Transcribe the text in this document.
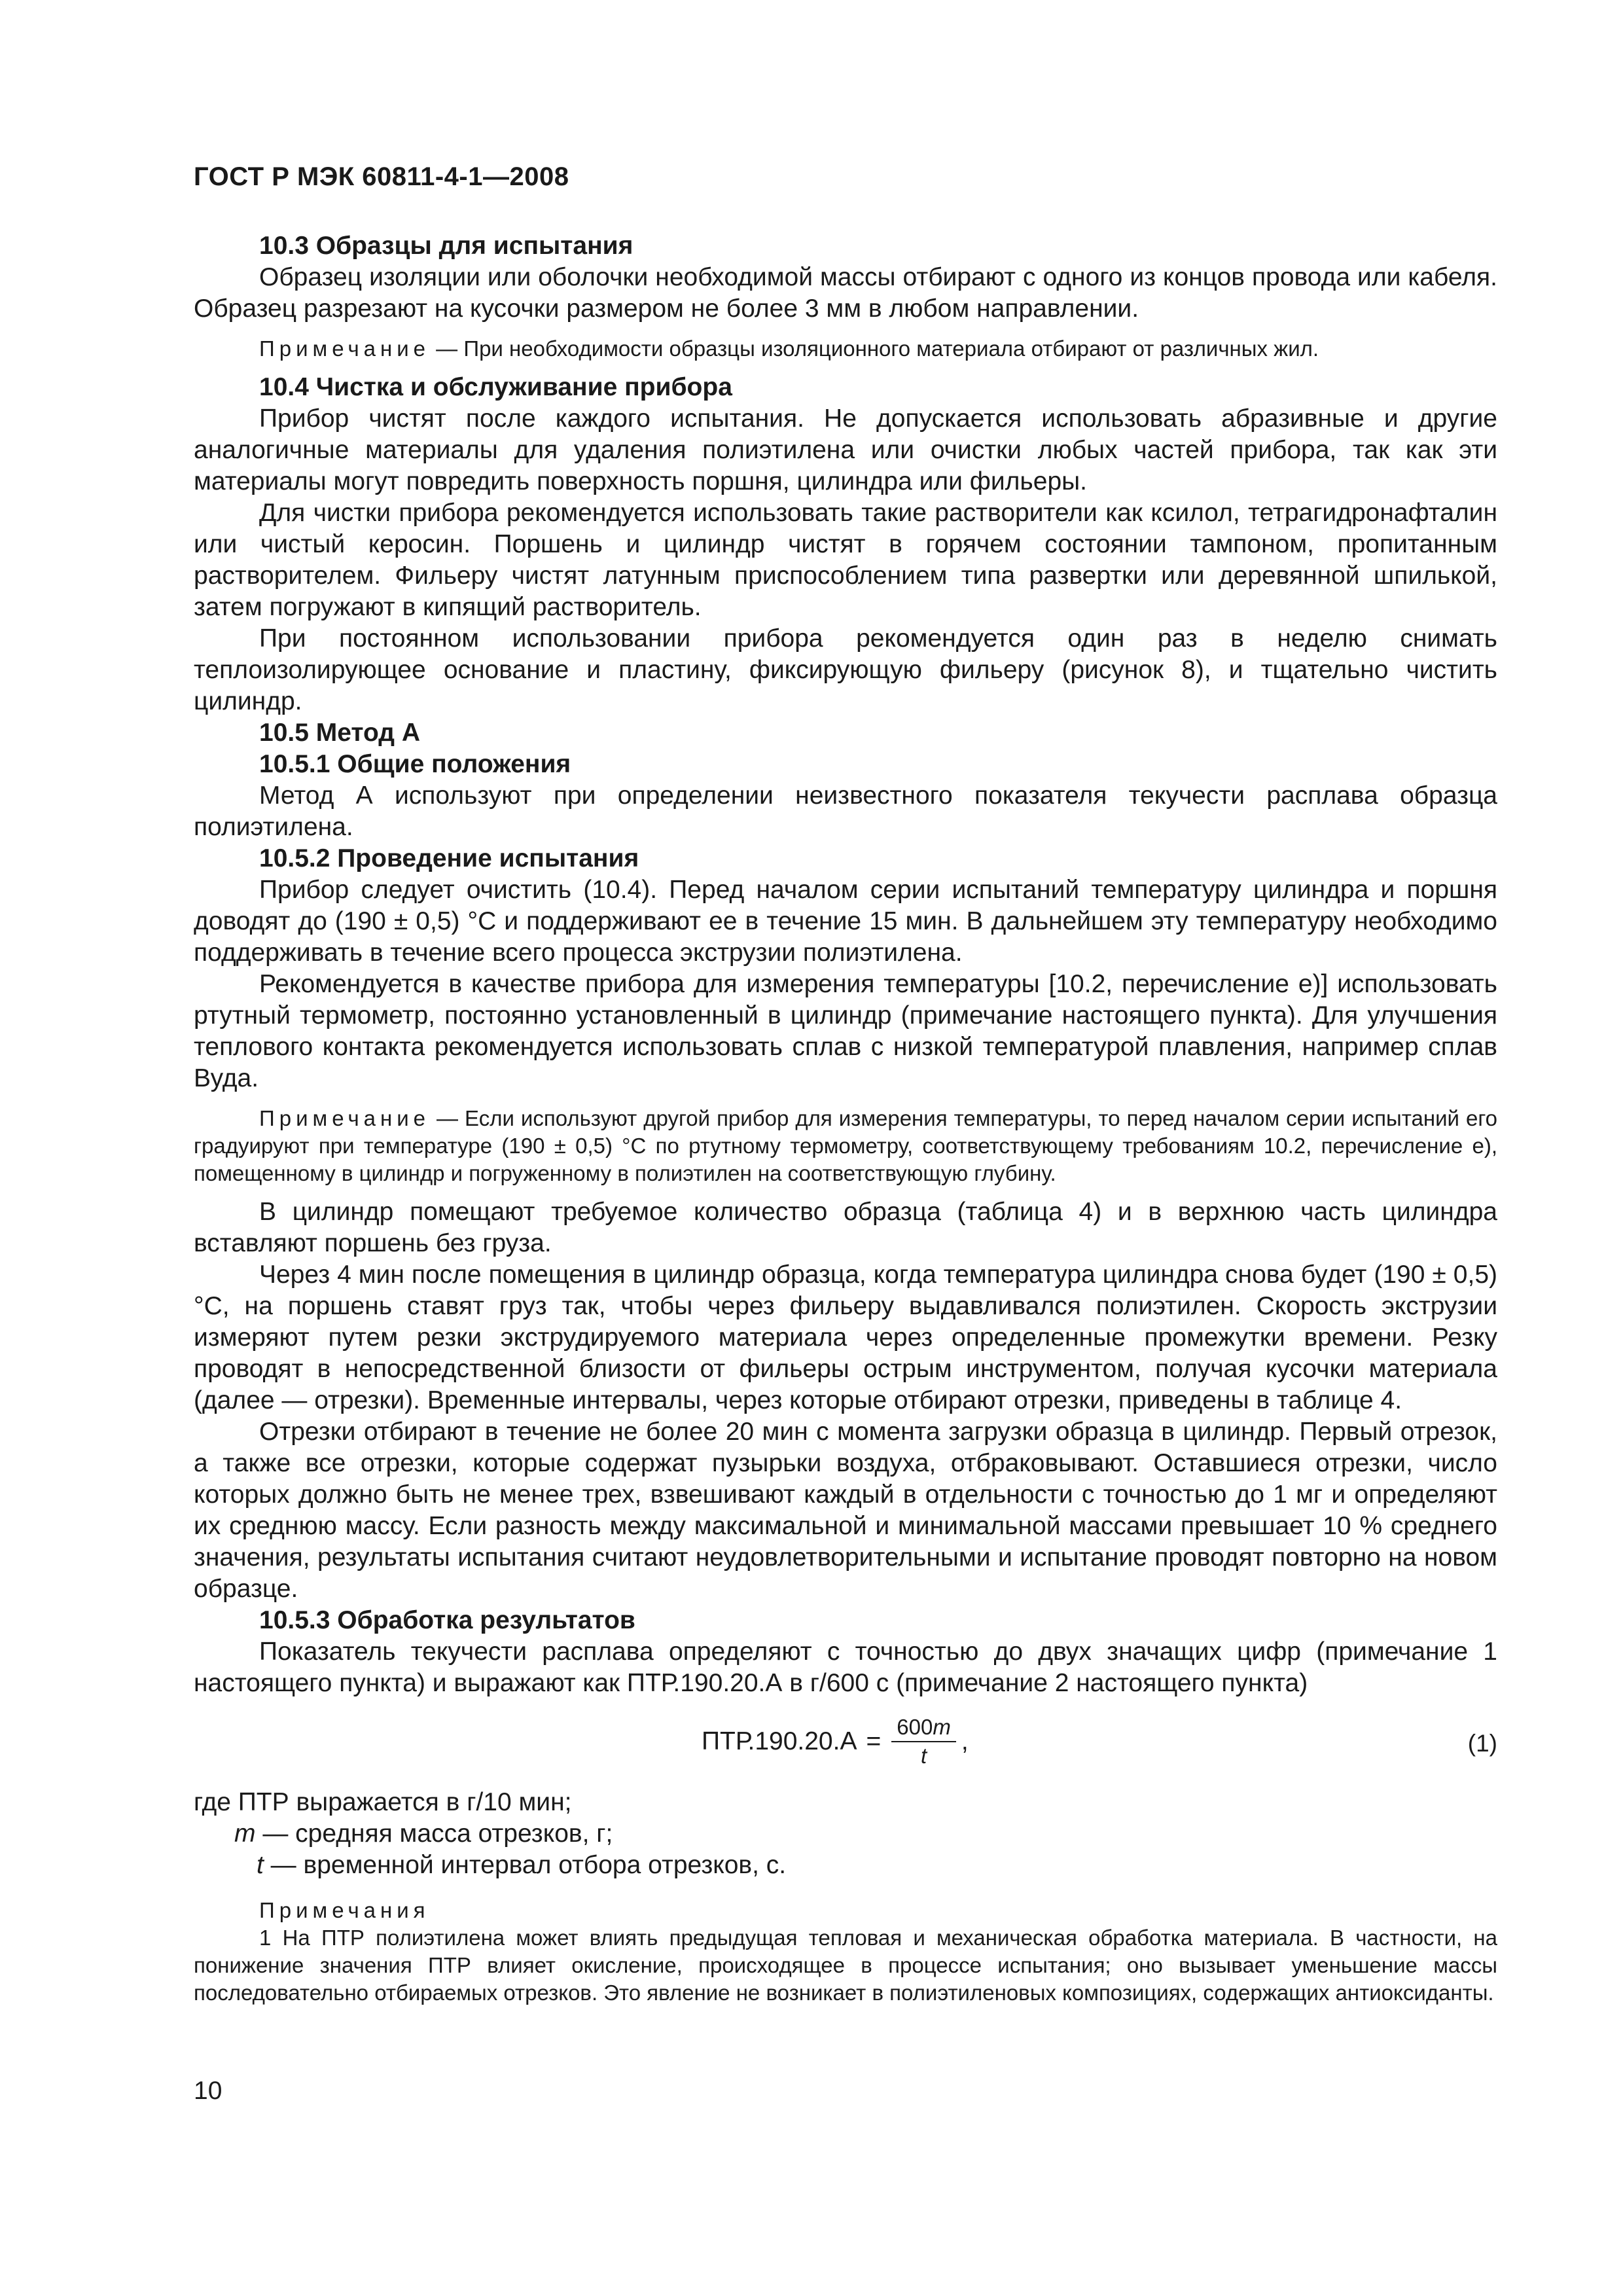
ГОСТ Р МЭК 60811-4-1—2008

10.3 Образцы для испытания

Образец изоляции или оболочки необходимой массы отбирают с одного из концов провода или кабеля. Образец разрезают на кусочки размером не более 3 мм в любом направлении.

Примечание — При необходимости образцы изоляционного материала отбирают от различных жил.

10.4 Чистка и обслуживание прибора

Прибор чистят после каждого испытания. Не допускается использовать абразивные и другие аналогичные материалы для удаления полиэтилена или очистки любых частей прибора, так как эти материалы могут повредить поверхность поршня, цилиндра или фильеры.

Для чистки прибора рекомендуется использовать такие растворители как ксилол, тетрагидронафталин или чистый керосин. Поршень и цилиндр чистят в горячем состоянии тампоном, пропитанным растворителем. Фильеру чистят латунным приспособлением типа развертки или деревянной шпилькой, затем погружают в кипящий растворитель.

При постоянном использовании прибора рекомендуется один раз в неделю снимать теплоизолирующее основание и пластину, фиксирующую фильеру (рисунок 8), и тщательно чистить цилиндр.

10.5 Метод А

10.5.1 Общие положения

Метод А используют при определении неизвестного показателя текучести расплава образца полиэтилена.

10.5.2 Проведение испытания

Прибор следует очистить (10.4). Перед началом серии испытаний температуру цилиндра и поршня доводят до (190 ± 0,5) °С и поддерживают ее в течение 15 мин. В дальнейшем эту температуру необходимо поддерживать в течение всего процесса экструзии полиэтилена.

Рекомендуется в качестве прибора для измерения температуры [10.2, перечисление е)] использовать ртутный термометр, постоянно установленный в цилиндр (примечание настоящего пункта). Для улучшения теплового контакта рекомендуется использовать сплав с низкой температурой плавления, например сплав Вуда.

Примечание — Если используют другой прибор для измерения температуры, то перед началом серии испытаний его градуируют при температуре (190 ± 0,5) °С по ртутному термометру, соответствующему требованиям 10.2, перечисление е), помещенному в цилиндр и погруженному в полиэтилен на соответствующую глубину.

В цилиндр помещают требуемое количество образца (таблица 4) и в верхнюю часть цилиндра вставляют поршень без груза.

Через 4 мин после помещения в цилиндр образца, когда температура цилиндра снова будет (190 ± 0,5) °С, на поршень ставят груз так, чтобы через фильеру выдавливался полиэтилен. Скорость экструзии измеряют путем резки экструдируемого материала через определенные промежутки времени. Резку проводят в непосредственной близости от фильеры острым инструментом, получая кусочки материала (далее — отрезки). Временные интервалы, через которые отбирают отрезки, приведены в таблице 4.

Отрезки отбирают в течение не более 20 мин с момента загрузки образца в цилиндр. Первый отрезок, а также все отрезки, которые содержат пузырьки воздуха, отбраковывают. Оставшиеся отрезки, число которых должно быть не менее трех, взвешивают каждый в отдельности с точностью до 1 мг и определяют их среднюю массу. Если разность между максимальной и минимальной массами превышает 10 % среднего значения, результаты испытания считают неудовлетворительными и испытание проводят повторно на новом образце.

10.5.3 Обработка результатов

Показатель текучести расплава определяют с точностью до двух значащих цифр (примечание 1 настоящего пункта) и выражают как ПТР.190.20.А в г/600 с (примечание 2 настоящего пункта)

$ПТР.190.20.А = \frac{600m}{t}$ ,	(1)

где ПТР выражается в г/10 мин;

m — средняя масса отрезков, г;

t — временной интервал отбора отрезков, с.

Примечания

1 На ПТР полиэтилена может влиять предыдущая тепловая и механическая обработка материала. В частности, на понижение значения ПТР влияет окисление, происходящее в процессе испытания; оно вызывает уменьшение массы последовательно отбираемых отрезков. Это явление не возникает в полиэтиленовых композициях, содержащих антиоксиданты.

10
